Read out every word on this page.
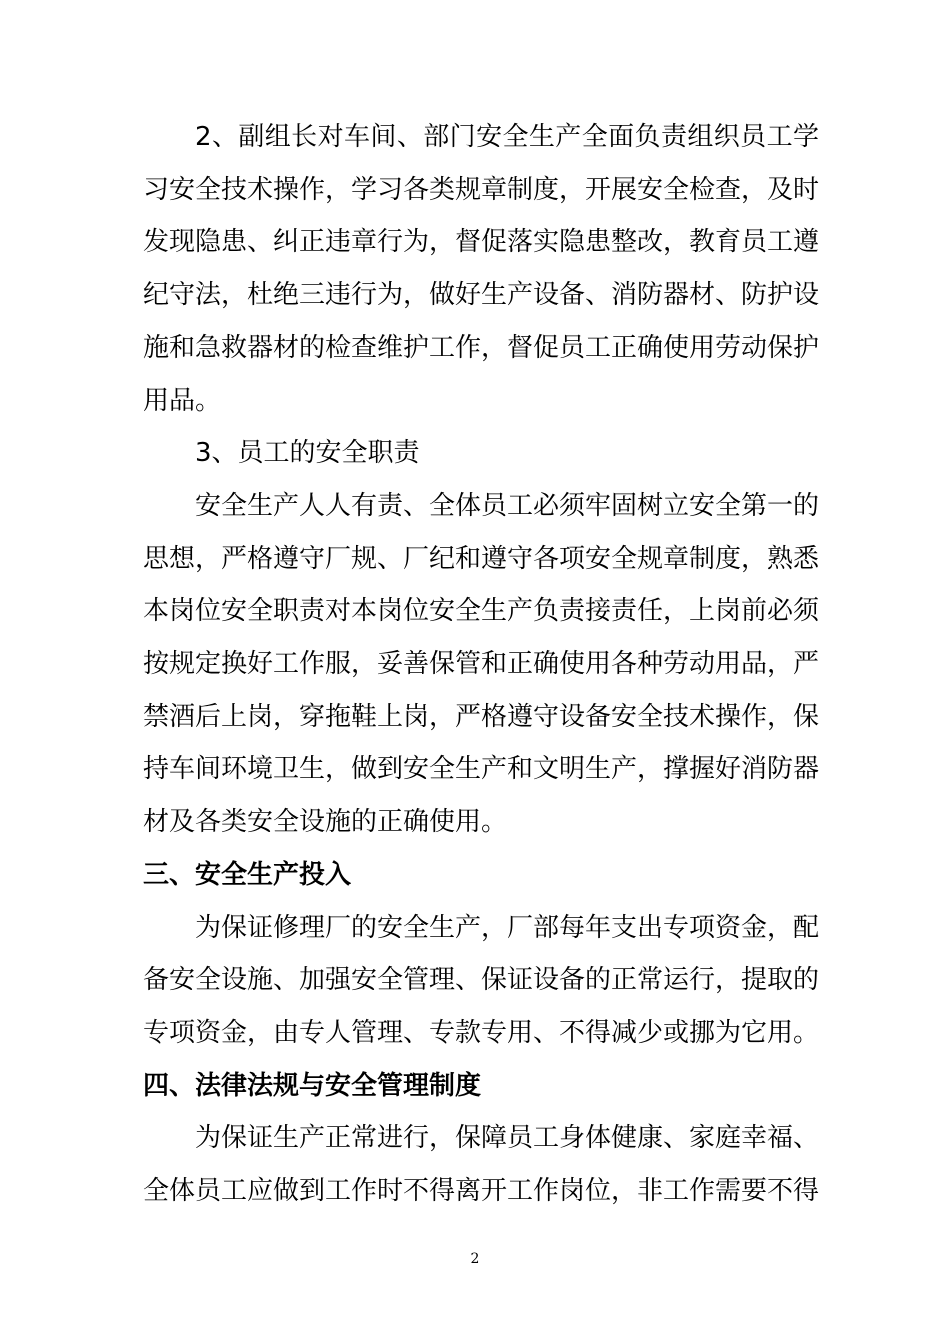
2、副组长对车间、部门安全生产全面负责组织员工学习安全技术操作，学习各类规章制度，开展安全检查，及时发现隐患、纠正违章行为，督促落实隐患整改，教育员工遵纪守法，杜绝三违行为，做好生产设备、消防器材、防护设施和急救器材的检查维护工作，督促员工正确使用劳动保护用品。

3、员工的安全职责

安全生产人人有责、全体员工必须牢固树立安全第一的思想，严格遵守厂规、厂纪和遵守各项安全规章制度，熟悉本岗位安全职责对本岗位安全生产负责接责任，上岗前必须按规定换好工作服，妥善保管和正确使用各种劳动用品，严禁酒后上岗，穿拖鞋上岗，严格遵守设备安全技术操作，保持车间环境卫生，做到安全生产和文明生产，撑握好消防器材及各类安全设施的正确使用。

三、安全生产投入

为保证修理厂的安全生产，厂部每年支出专项资金，配备安全设施、加强安全管理、保证设备的正常运行，提取的专项资金，由专人管理、专款专用、不得减少或挪为它用。

四、法律法规与安全管理制度

为保证生产正常进行，保障员工身体健康、家庭幸福、全体员工应做到工作时不得离开工作岗位，非工作需要不得

2
